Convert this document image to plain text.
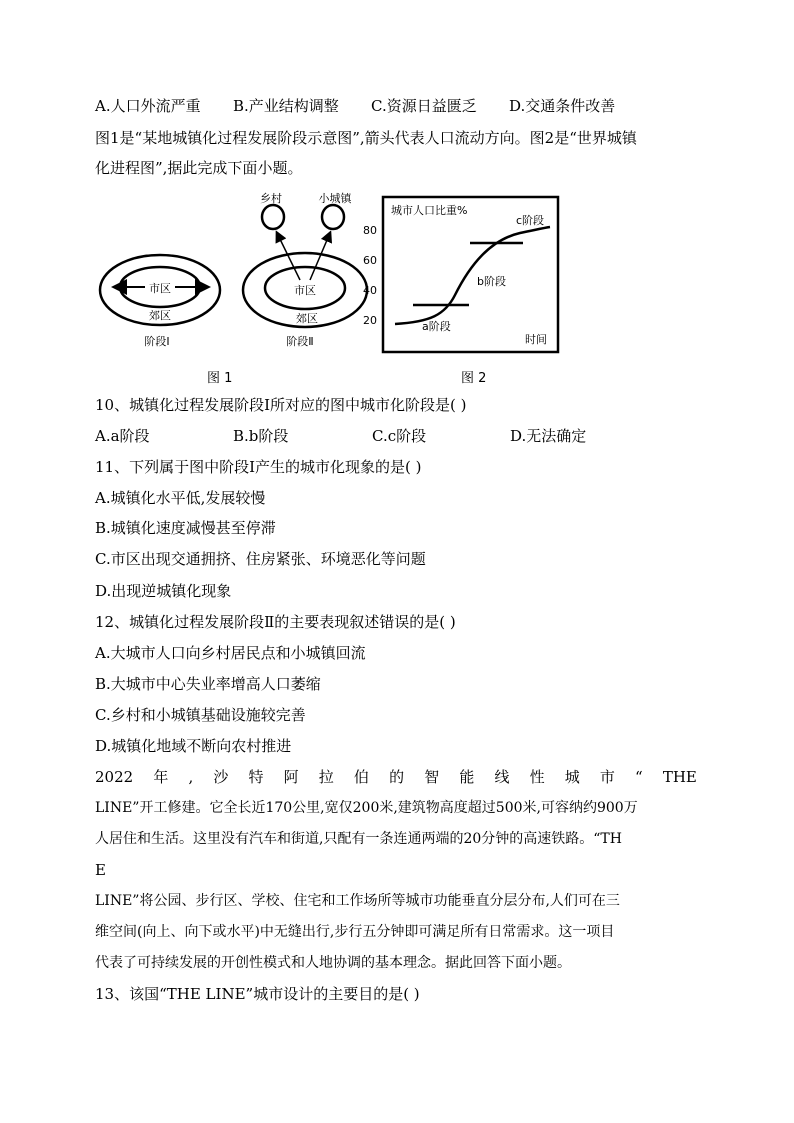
A.人口外流严重 B.产业结构调整 C.资源日益匮乏 D.交通条件改善
图1是“某地城镇化过程发展阶段示意图”,箭头代表人口流动方向。图2是“世界城镇
化进程图”,据此完成下面小题。
市区
郊区
阶段Ⅰ
乡村	小城镇
市区
郊区
阶段Ⅱ
图 1
城市人口比重%
80
60
40
20	a阶段
b阶段
c阶段
时间
图 2
10、城镇化过程发展阶段Ⅰ所对应的图中城市化阶段是( )
A.a阶段	B.b阶段	C.c阶段	D.无法确定
11、下列属于图中阶段Ⅰ产生的城市化现象的是( )
A.城镇化水平低,发展较慢
B.城镇化速度减慢甚至停滞
C.市区出现交通拥挤、住房紧张、环境恶化等问题
D.出现逆城镇化现象
12、城镇化过程发展阶段Ⅱ的主要表现叙述错误的是( )
A.大城市人口向乡村居民点和小城镇回流
B.大城市中心失业率增高人口萎缩
C.乡村和小城镇基础设施较完善
D.城镇化地域不断向农村推进
2022 年 , 沙 特 阿 拉 伯 的 智 能 线 性 城 市 “ THE
LINE”开工修建。它全长近170公里,宽仅200米,建筑物高度超过500米,可容纳约900万
人居住和生活。这里没有汽车和街道,只配有一条连通两端的20分钟的高速铁路。“TH
E
LINE”将公园、步行区、学校、住宅和工作场所等城市功能垂直分层分布,人们可在三
维空间(向上、向下或水平)中无缝出行,步行五分钟即可满足所有日常需求。这一项目
代表了可持续发展的开创性模式和人地协调的基本理念。据此回答下面小题。
13、该国“THE LINE”城市设计的主要目的是( )
